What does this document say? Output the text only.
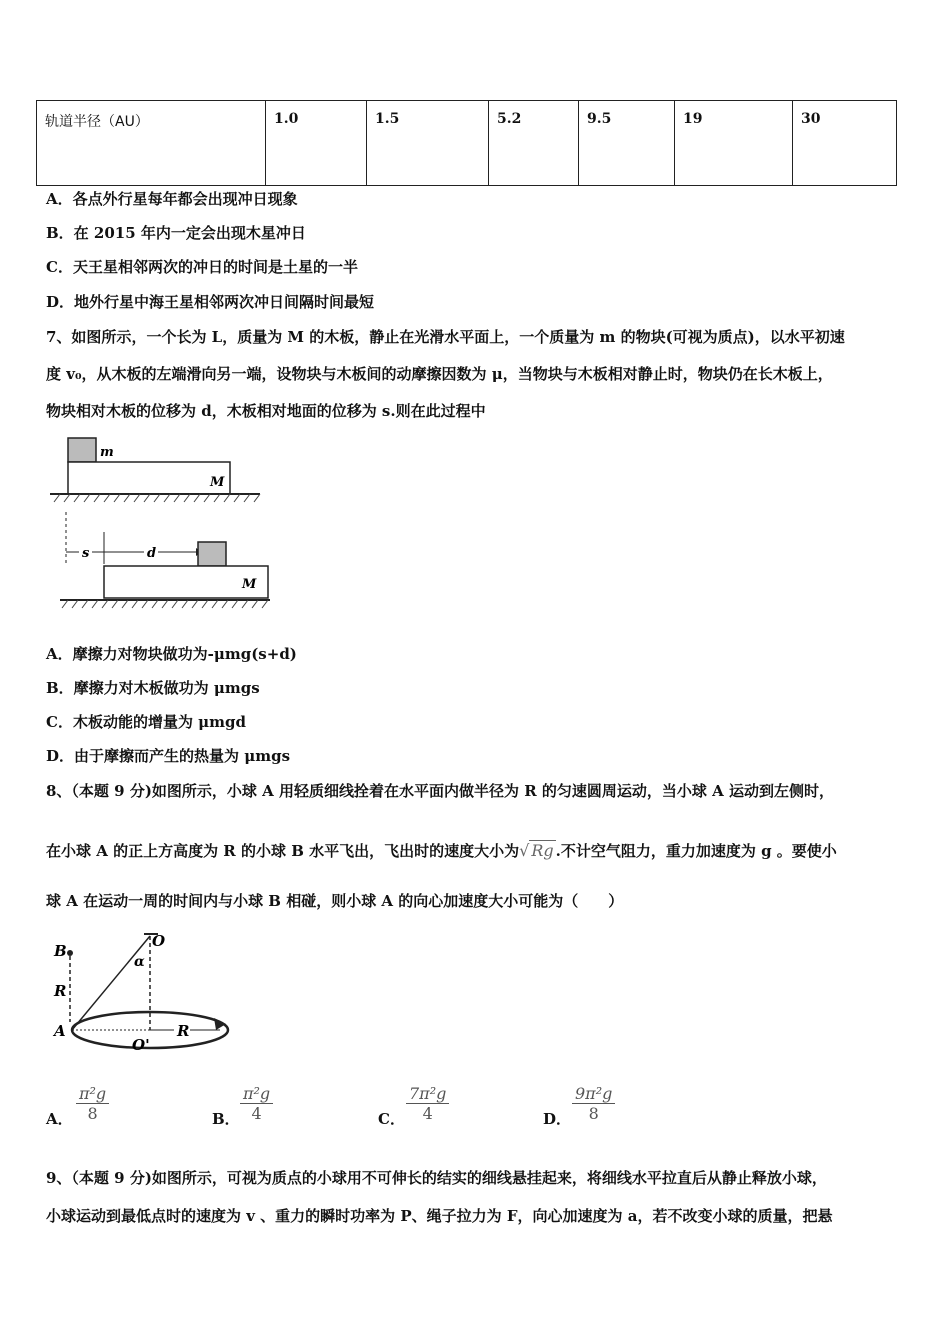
轨道半径（AU）	1.0	1.5	5.2	9.5	19	30
A．各点外行星每年都会出现冲日现象
B．在 2015 年内一定会出现木星冲日
C．天王星相邻两次的冲日的时间是土星的一半
D．地外行星中海王星相邻两次冲日间隔时间最短
7、如图所示，一个长为 L，质量为 M 的木板，静止在光滑水平面上，一个质量为 m 的物块(可视为质点)，以水平初速
度 v₀，从木板的左端滑向另一端，设物块与木板间的动摩擦因数为 μ，当物块与木板相对静止时，物块仍在长木板上，
物块相对木板的位移为 d，木板相对地面的位移为 s.则在此过程中
m
M
s	d
M
A．摩擦力对物块做功为-μmg(s+d)
B．摩擦力对木板做功为 μmgs
C．木板动能的增量为 μmgd
D．由于摩擦而产生的热量为 μmgs
8、（本题 9 分)如图所示，小球 A 用轻质细线拴着在水平面内做半径为 R 的匀速圆周运动，当小球 A 运动到左侧时，
在小球 A 的正上方高度为 R 的小球 B 水平飞出，飞出时的速度大小为√ Rg .不计空气阻力，重力加速度为 g 。要使小
球 A 在运动一周的时间内与小球 B 相碰，则小球 A 的向心加速度大小可能为（　　）
B
R
O
α
R
A
O'
A． $\frac{\text{π²g}}{8}$	B． $\frac{\text{π²g}}{4}$	C． $\frac{\text{7π²g}}{4}$	D． $\frac{\text{9π²g}}{8}$
9、（本题 9 分)如图所示，可视为质点的小球用不可伸长的结实的细线悬挂起来，将细线水平拉直后从静止释放小球，
小球运动到最低点时的速度为 v 、重力的瞬时功率为 P、绳子拉力为 F，向心加速度为 a，若不改变小球的质量，把悬
